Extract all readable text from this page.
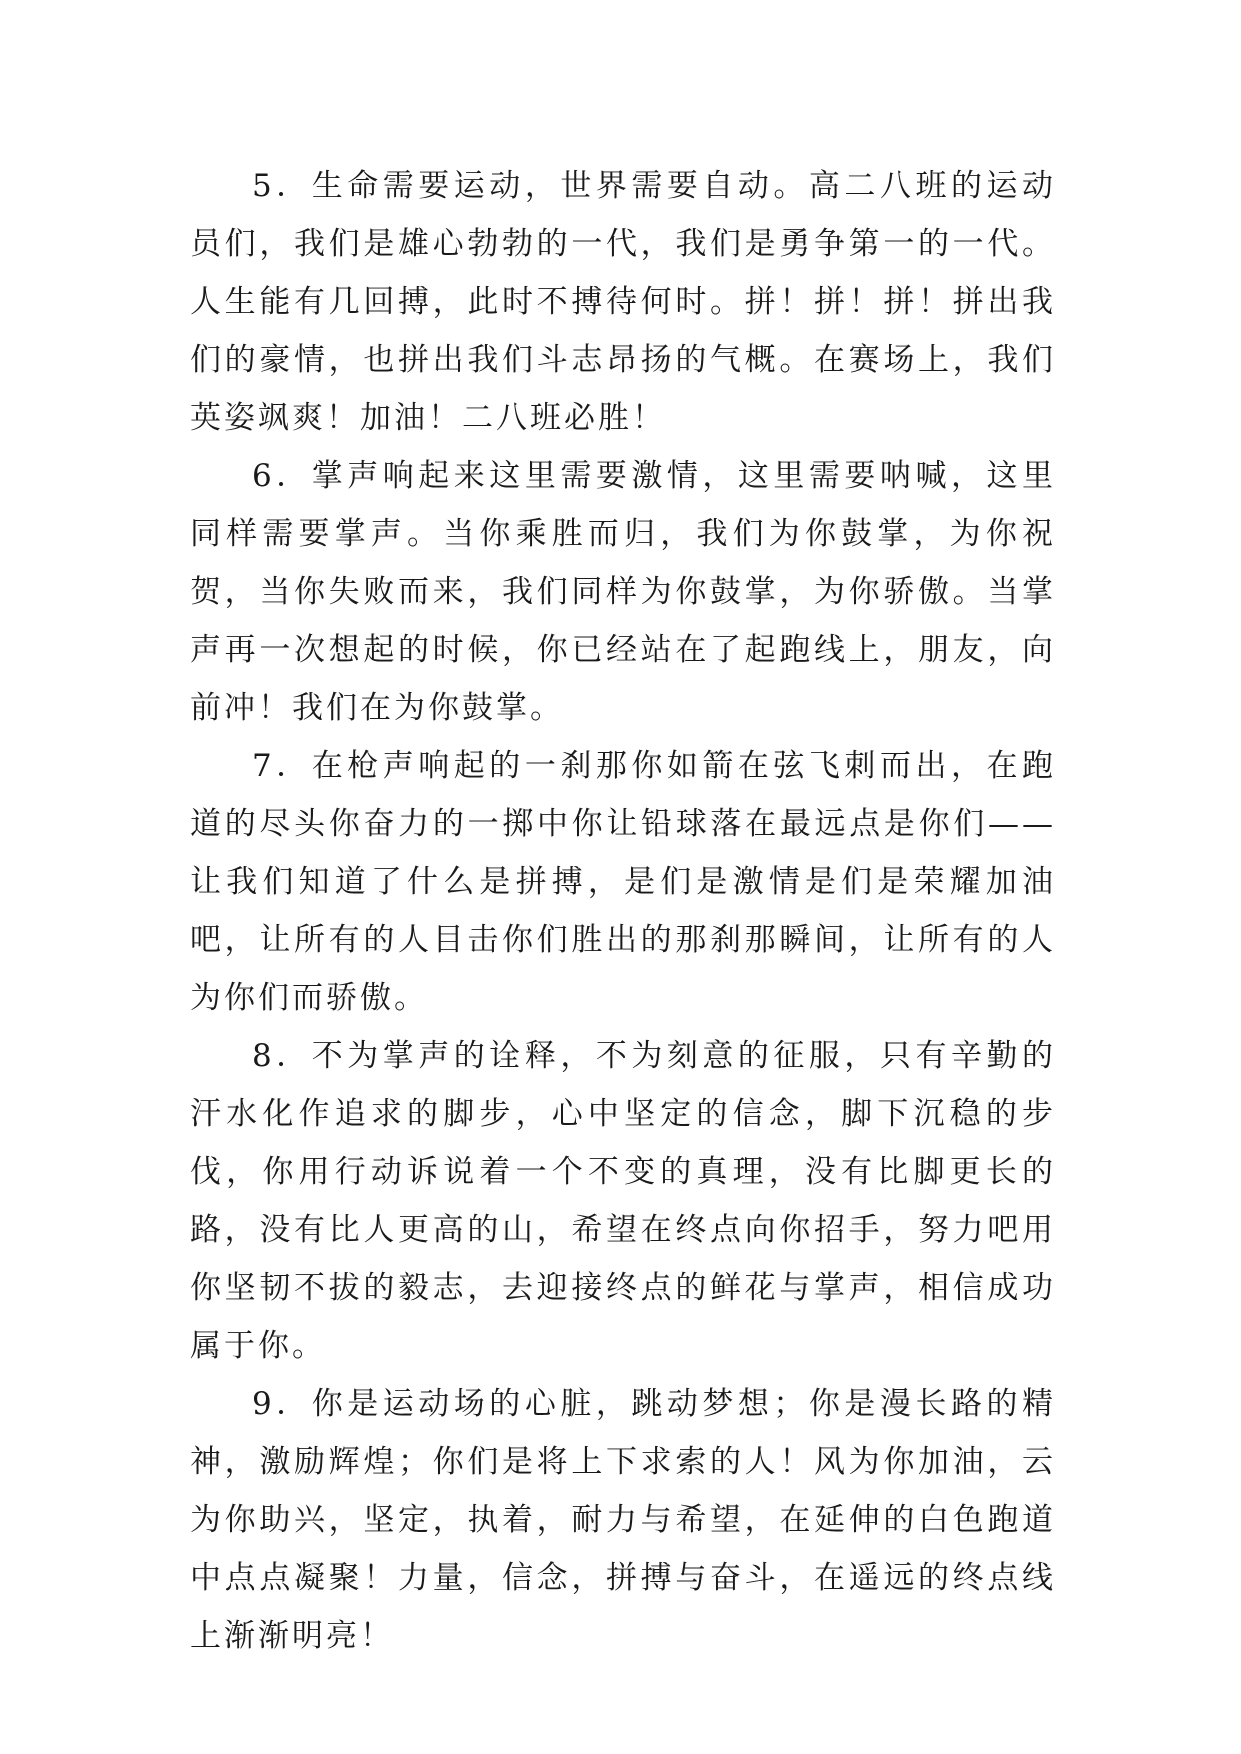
5．生命需要运动，世界需要自动。高二八班的运动员们，我们是雄心勃勃的一代，我们是勇争第一的一代。人生能有几回搏，此时不搏待何时。拼！拼！拼！拼出我们的豪情，也拼出我们斗志昂扬的气概。在赛场上，我们英姿飒爽！加油！二八班必胜！

6．掌声响起来这里需要激情，这里需要呐喊，这里同样需要掌声。当你乘胜而归，我们为你鼓掌，为你祝贺，当你失败而来，我们同样为你鼓掌，为你骄傲。当掌声再一次想起的时候，你已经站在了起跑线上，朋友，向前冲！我们在为你鼓掌。

7．在枪声响起的一刹那你如箭在弦飞刺而出，在跑道的尽头你奋力的一掷中你让铅球落在最远点是你们——让我们知道了什么是拼搏，是们是激情是们是荣耀加油吧，让所有的人目击你们胜出的那刹那瞬间，让所有的人为你们而骄傲。

8．不为掌声的诠释，不为刻意的征服，只有辛勤的汗水化作追求的脚步，心中坚定的信念，脚下沉稳的步伐，你用行动诉说着一个不变的真理，没有比脚更长的路，没有比人更高的山，希望在终点向你招手，努力吧用你坚韧不拔的毅志，去迎接终点的鲜花与掌声，相信成功属于你。

9．你是运动场的心脏，跳动梦想；你是漫长路的精神，激励辉煌；你们是将上下求索的人！风为你加油，云为你助兴，坚定，执着，耐力与希望，在延伸的白色跑道中点点凝聚！力量，信念，拼搏与奋斗，在遥远的终点线上渐渐明亮！
